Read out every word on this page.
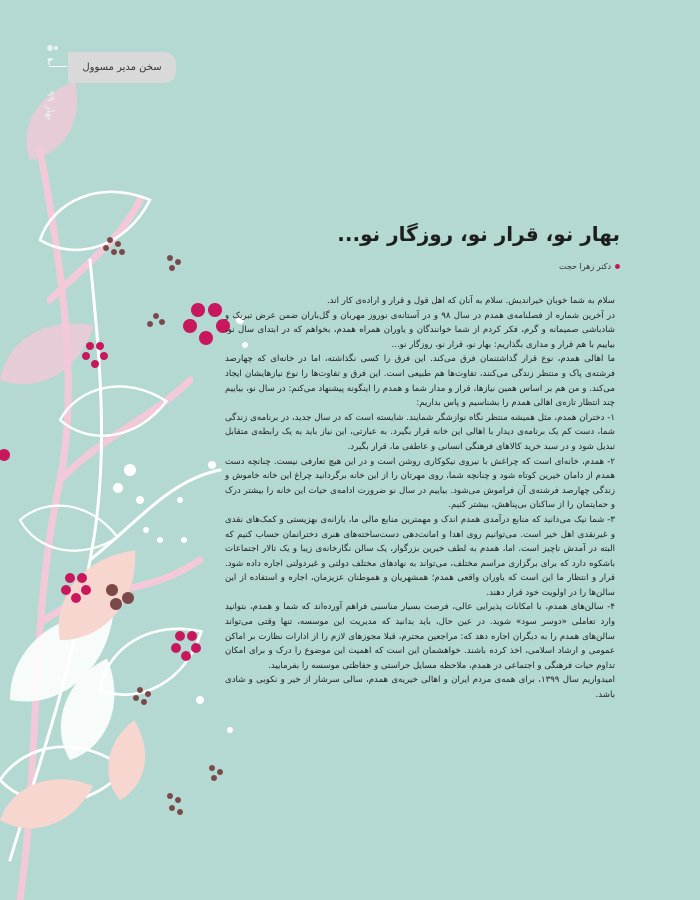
سخن مدیر مسوول
۳
بهار ۹۹
بهار نو، قرار نو، روزگار نو...
دکتر زهرا حجت

سلام به شما خوبان خیراندیش. سلام به آنان که اهل قول و قرار و اراده‌ی کار اند.

در آخرین شماره از فصلنامه‌ی همدم در سال ۹۸ و در آستانه‌ی نوروز مهربان و گل‌باران ضمن عرض تبریک و شادباشی صمیمانه و گرم، فکر کردم از شما خوانندگان و یاوران همراه همدم، بخواهم که در ابتدای سال نو، بیاییم با هم قرار و مداری بگذاریم: بهار نو، قرار نو، روزگار نو...

ما اهالی همدم، نوع قرار گذاشتنمان فرق می‌کند. این فرق را کسی نگذاشته، اما در خانه‌ای که چهارصد فرشته‌ی پاک و منتظر زندگی می‌کنند، تفاوت‌ها هم طبیعی است. این فرق و تفاوت‌ها را نوع نیازهایشان ایجاد می‌کند. و من هم بر اساس همین نیازها، قرار و مدار شما و همدم را اینگونه پیشنهاد می‌کنم: در سال نو، بیاییم چند انتظار تازه‌ی اهالی همدم را بشناسیم و پاس بداریم:

۱- دختران همدم، مثل همیشه منتظر نگاه نوازشگر شمایند. شایسته است که در سال جدید، در برنامه‌ی زندگی شما، دست کم یک برنامه‌ی دیدار با اهالی این خانه قرار بگیرد. به عبارتی، این نیاز باید به یک رابطه‌ی متقابل تبدیل شود و در سبد خرید کالاهای فرهنگی انسانی و عاطفی ما، قرار بگیرد.

۲- همدم، خانه‌ای است که چراغش با نیروی نیکوکاری روشن است و در این هیچ تعارفی نیست. چنانچه دست همدم از دامان خیرین کوتاه شود و چنانچه شما، روی مهرتان را از این خانه برگردانید چراغ این خانه خاموش و زندگی چهارصد فرشته‌ی آن فراموش می‌شود. بیاییم در سال نو ضرورت ادامه‌ی حیات این خانه را بیشتر درک و حمایتمان را از ساکنان بی‌پناهش، بیشتر کنیم.

۳- شما نیک می‌دانید که منابع درآمدی همدم اندک و مهمترین منابع مالی ما، یارانه‌ی بهزیستی و کمک‌های نقدی و غیرنقدی اهل خیر است. می‌توانیم روی اهدا و امانت‌دهی دست‌ساخته‌های هنری دخترانمان حساب کنیم که البته در آمدش ناچیز است. اما، همدم به لطف خیرین بزرگوار، یک سالن نگارخانه‌ی زیبا و یک تالار اجتماعات باشکوه دارد که برای برگزاری مراسم مختلف، می‌تواند به نهادهای مختلف دولتی و غیردولتی اجاره داده شود. قرار و انتظار ما این است که یاوران واقعی همدم؛ همشهریان و هموطنان عزیزمان، اجاره و استفاده از این سالن‌ها را در اولویت خود قرار دهند.

۴- سالن‌های همدم، با امکانات پذیرایی عالی، فرصت بسیار مناسبی فراهم آورده‌اند که شما و همدم، بتوانید وارد تعاملی «دوسر سود» شوید. در عین حال، باید بدانید که مدیریت این موسسه، تنها وقتی می‌تواند سالن‌های همدم را به دیگران اجاره دهد که: مراجعین محترم، قبلا مجوزهای لازم را از ادارات نظارت بر اماکن عمومی و ارشاد اسلامی، اخذ کرده باشند. خواهشمان این است که اهمیت این موضوع را درک و برای امکان تداوم حیات فرهنگی و اجتماعی در همدم، ملاحظه مسایل حراستی و حفاظتی موسسه را بفرمایید.

امیدواریم سال ۱۳۹۹، برای همه‌ی مردم ایران و اهالی خیریه‌ی همدم، سالی سرشار از خیر و نکویی و شادی باشد.
